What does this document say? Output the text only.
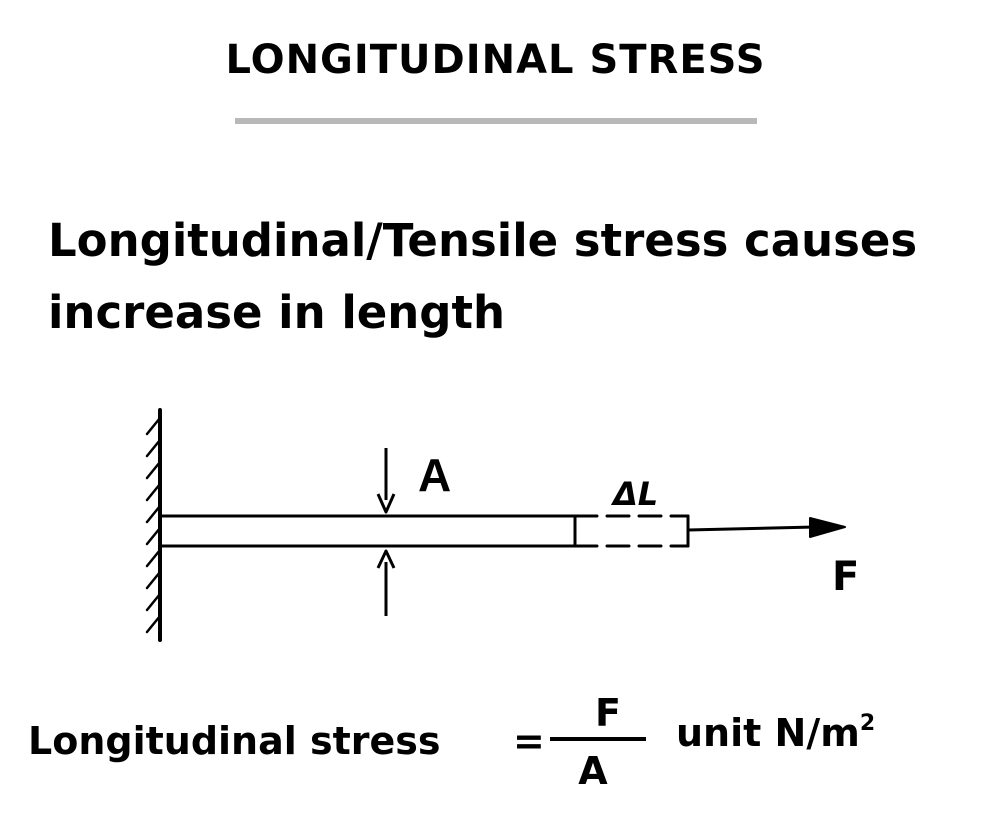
LONGITUDINAL STRESS
Longitudinal/Tensile stress causes
increase in length
A	ΔL
F
Longitudinal stress =
F
A
unit $N/m^2$
